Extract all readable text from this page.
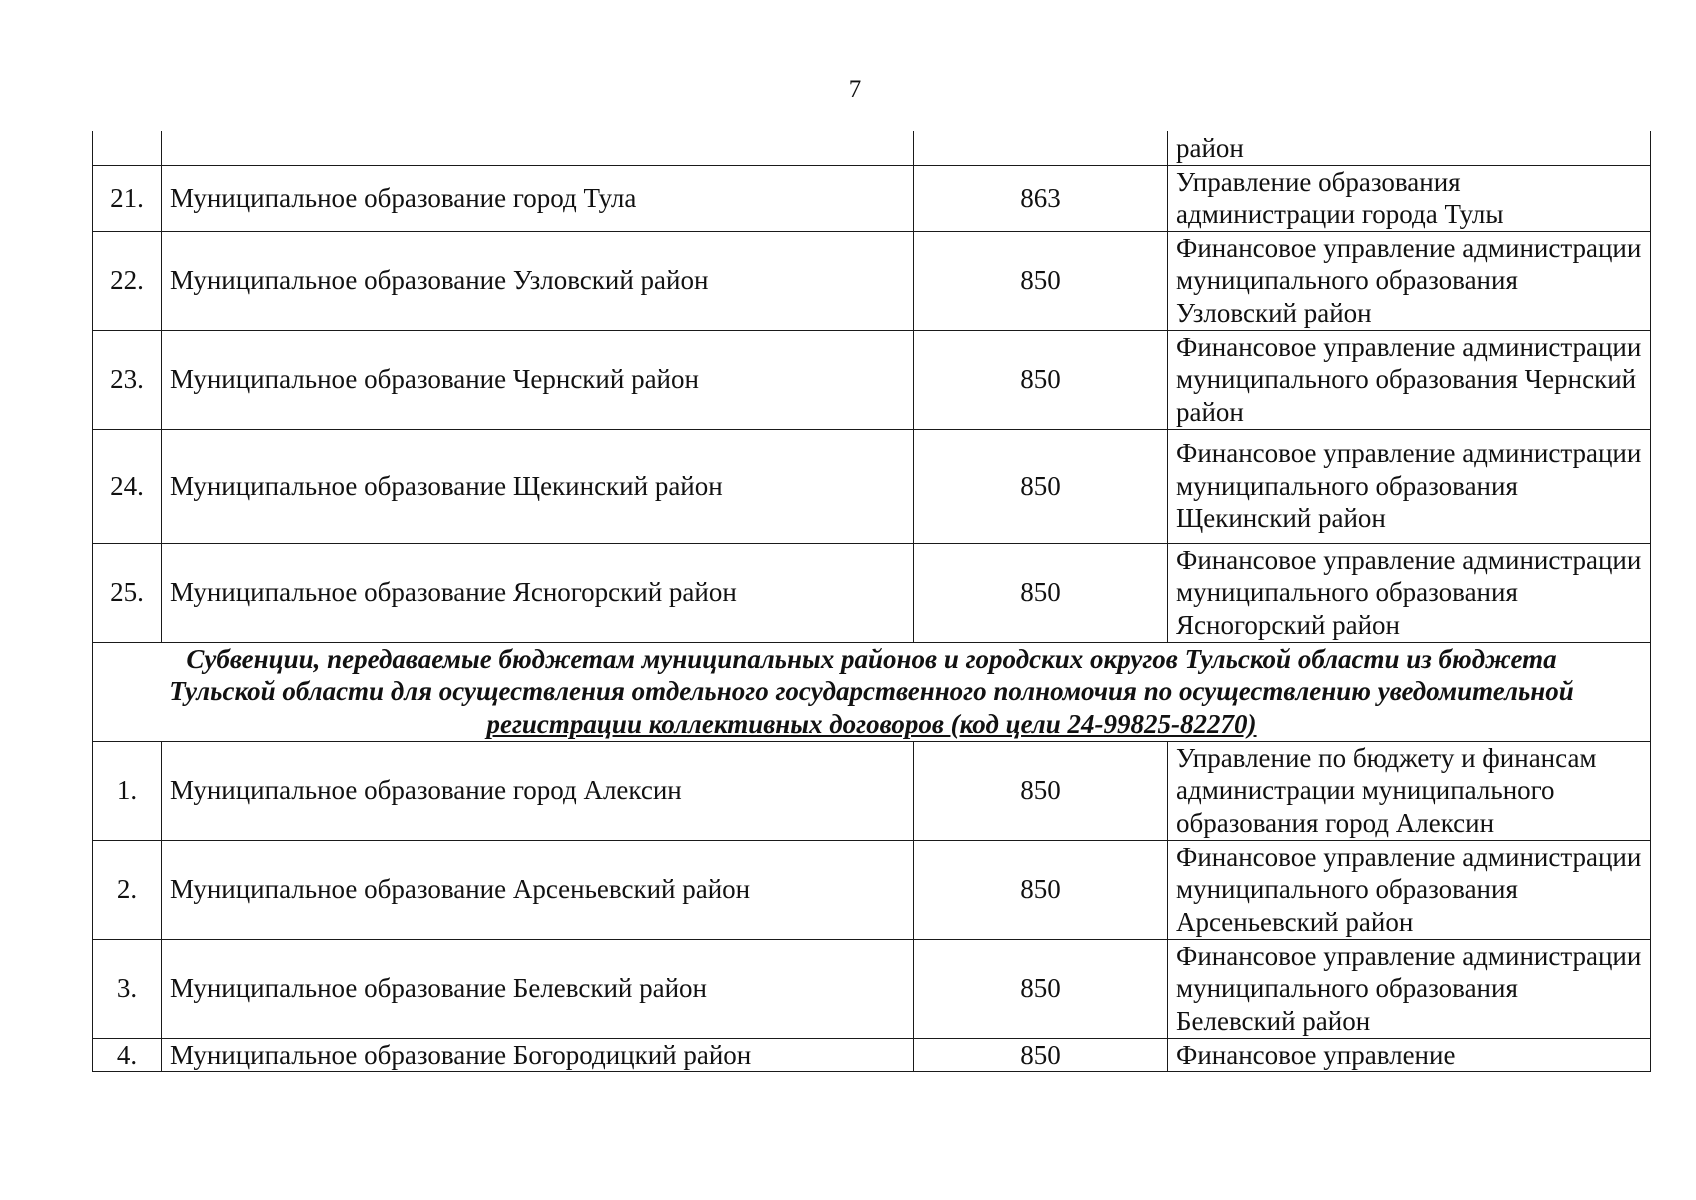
7
			район
21.	Муниципальное образование город Тула	863	Управление образования администрации города Тулы
22.	Муниципальное образование Узловский район	850	Финансовое управление администрации муниципального образования Узловский район
23.	Муниципальное образование Чернский район	850	Финансовое управление администрации муниципального образования Чернский район
24.	Муниципальное образование Щекинский район	850	Финансовое управление администрации муниципального образования Щекинский район
25.	Муниципальное образование Ясногорский район	850	Финансовое управление администрации муниципального образования Ясногорский район
Субвенции, передаваемые бюджетам муниципальных районов и городских округов Тульской области из бюджета
Тульской области для осуществления отдельного государственного полномочия по осуществлению уведомительной
регистрации коллективных договоров (код цели 24-99825-82270)			
1.	Муниципальное образование город Алексин	850	Управление по бюджету и финансам администрации муниципального образования город Алексин
2.	Муниципальное образование Арсеньевский район	850	Финансовое управление администрации муниципального образования Арсеньевский район
3.	Муниципальное образование Белевский район	850	Финансовое управление администрации муниципального образования Белевский район
4.	Муниципальное образование Богородицкий район	850	Финансовое управление
